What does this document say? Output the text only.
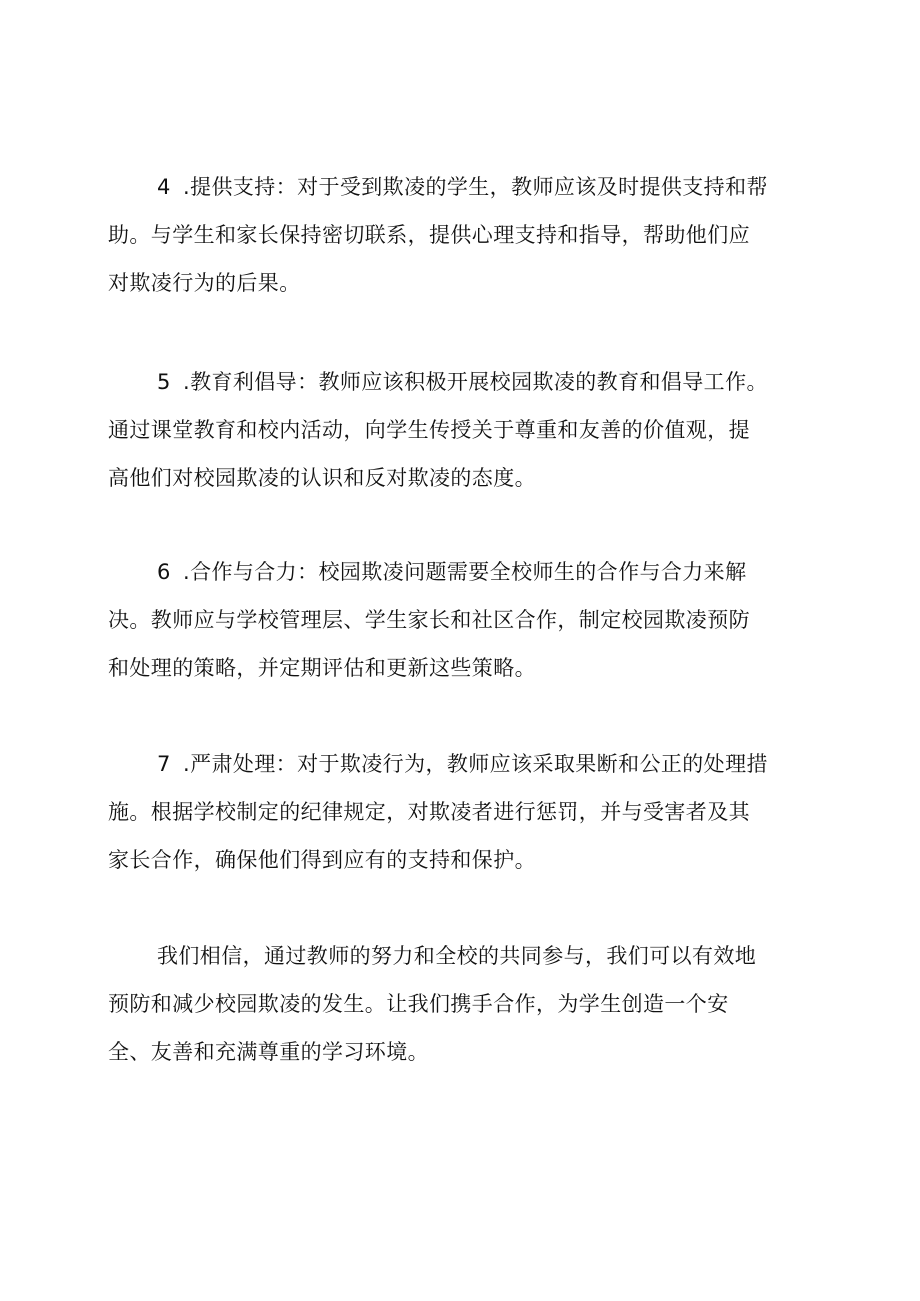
4 .提供支持：对于受到欺凌的学生，教师应该及时提供支持和帮
助。与学生和家长保持密切联系，提供心理支持和指导，帮助他们应
对欺凌行为的后果。
5 .教育利倡导：教师应该积极开展校园欺凌的教育和倡导工作。
通过课堂教育和校内活动，向学生传授关于尊重和友善的价值观，提
高他们对校园欺凌的认识和反对欺凌的态度。
6 .合作与合力：校园欺凌问题需要全校师生的合作与合力来解
决。教师应与学校管理层、学生家长和社区合作，制定校园欺凌预防
和处理的策略，并定期评估和更新这些策略。
7 .严肃处理：对于欺凌行为，教师应该采取果断和公正的处理措
施。根据学校制定的纪律规定，对欺凌者进行惩罚，并与受害者及其
家长合作，确保他们得到应有的支持和保护。
我们相信，通过教师的努力和全校的共同参与，我们可以有效地
预防和减少校园欺凌的发生。让我们携手合作，为学生创造一个安
全、友善和充满尊重的学习环境。
